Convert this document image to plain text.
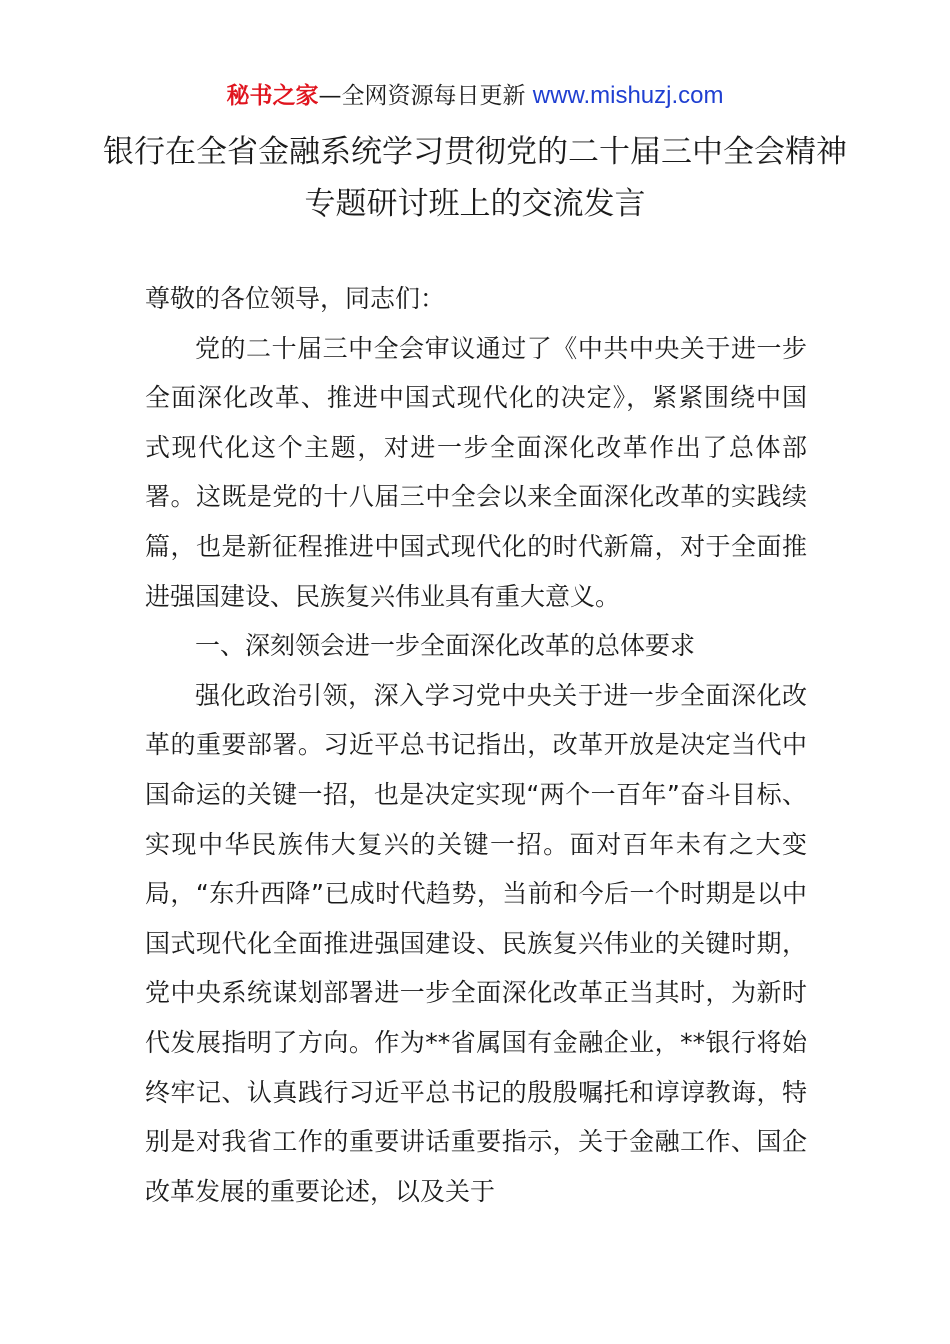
秘书之家—全网资源每日更新 www.mishuzj.com
银行在全省金融系统学习贯彻党的二十届三中全会精神专题研讨班上的交流发言

尊敬的各位领导，同志们：

党的二十届三中全会审议通过了《中共中央关于进一步全面深化改革、推进中国式现代化的决定》，紧紧围绕中国式现代化这个主题，对进一步全面深化改革作出了总体部署。这既是党的十八届三中全会以来全面深化改革的实践续篇，也是新征程推进中国式现代化的时代新篇，对于全面推进强国建设、民族复兴伟业具有重大意义。

一、深刻领会进一步全面深化改革的总体要求

强化政治引领，深入学习党中央关于进一步全面深化改革的重要部署。习近平总书记指出，改革开放是决定当代中国命运的关键一招，也是决定实现“两个一百年”奋斗目标、实现中华民族伟大复兴的关键一招。面对百年未有之大变局，“东升西降”已成时代趋势，当前和今后一个时期是以中国式现代化全面推进强国建设、民族复兴伟业的关键时期，党中央系统谋划部署进一步全面深化改革正当其时，为新时代发展指明了方向。作为**省属国有金融企业，**银行将始终牢记、认真践行习近平总书记的殷殷嘱托和谆谆教诲，特别是对我省工作的重要讲话重要指示，关于金融工作、国企改革发展的重要论述，以及关于
